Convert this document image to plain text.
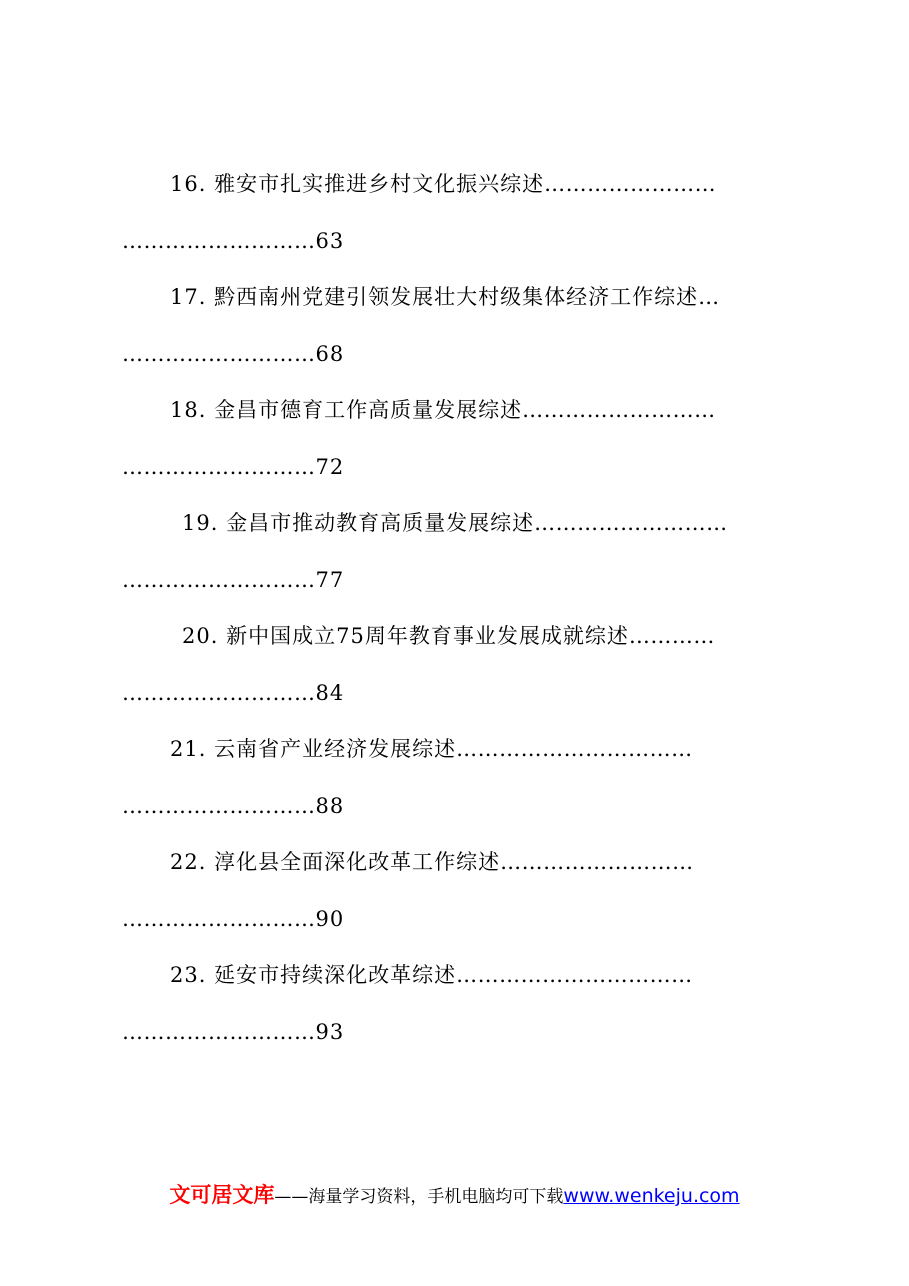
16. 雅安市扎实推进乡村文化振兴综述……………………
………………………63
17. 黔西南州党建引领发展壮大村级集体经济工作综述…
………………………68
18. 金昌市德育工作高质量发展综述………………………
………………………72
19. 金昌市推动教育高质量发展综述………………………
………………………77
20. 新中国成立75周年教育事业发展成就综述…………
………………………84
21. 云南省产业经济发展综述……………………………
………………………88
22. 淳化县全面深化改革工作综述………………………
………………………90
23. 延安市持续深化改革综述……………………………
………………………93
文可居文库——海量学习资料，手机电脑均可下载www.wenkeju.com
